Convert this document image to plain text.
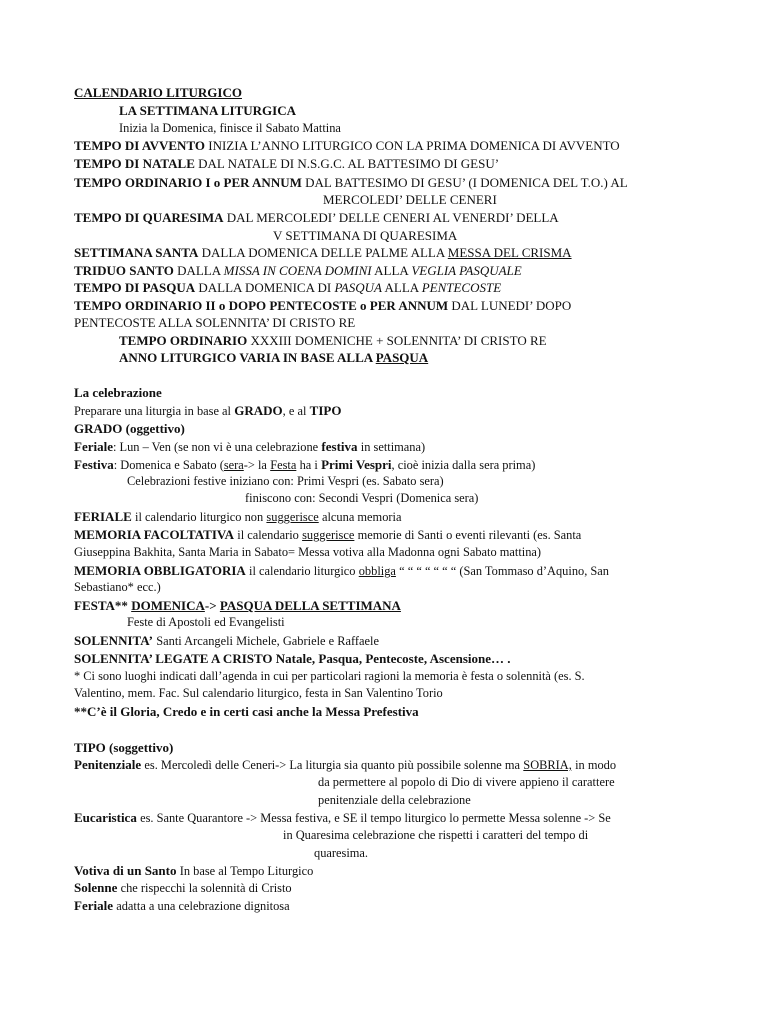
CALENDARIO LITURGICO
LA SETTIMANA LITURGICA
Inizia la Domenica, finisce il Sabato Mattina
TEMPO DI AVVENTO INIZIA L’ANNO LITURGICO CON LA PRIMA DOMENICA DI AVVENTO
TEMPO DI NATALE DAL NATALE DI N.S.G.C. AL BATTESIMO DI GESU’
TEMPO ORDINARIO I o PER ANNUM DAL BATTESIMO DI GESU’ (I DOMENICA DEL T.O.) AL
MERCOLEDI’ DELLE CENERI
TEMPO DI QUARESIMA DAL MERCOLEDI’ DELLE CENERI AL VENERDI’ DELLA
V SETTIMANA DI QUARESIMA
SETTIMANA SANTA DALLA DOMENICA DELLE PALME ALLA MESSA DEL CRISMA
TRIDUO SANTO DALLA MISSA IN COENA DOMINI ALLA VEGLIA PASQUALE
TEMPO DI PASQUA DALLA DOMENICA DI PASQUA ALLA PENTECOSTE
TEMPO ORDINARIO II o DOPO PENTECOSTE o PER ANNUM DAL LUNEDI’ DOPO
PENTECOSTE ALLA SOLENNITA’ DI CRISTO RE
TEMPO ORDINARIO XXXIII DOMENICHE + SOLENNITA’ DI CRISTO RE
ANNO LITURGICO VARIA IN BASE ALLA PASQUA
La celebrazione
Preparare una liturgia in base al GRADO, e al TIPO
GRADO (oggettivo)
Feriale: Lun – Ven (se non vi è una celebrazione festiva in settimana)
Festiva: Domenica e Sabato (sera-> la Festa ha i Primi Vespri, cioè inizia dalla sera prima)
Celebrazioni festive iniziano con: Primi Vespri (es. Sabato sera)
finiscono con: Secondi Vespri (Domenica sera)
FERIALE il calendario liturgico non suggerisce alcuna memoria
MEMORIA FACOLTATIVA il calendario suggerisce memorie di Santi o eventi rilevanti (es. Santa
Giuseppina Bakhita, Santa Maria in Sabato= Messa votiva alla Madonna ogni Sabato mattina)
MEMORIA OBBLIGATORIA il calendario liturgico obbliga “ “ “ “ “ “ “ (San Tommaso d’Aquino, San
Sebastiano* ecc.)
FESTA** DOMENICA-> PASQUA DELLA SETTIMANA
Feste di Apostoli ed Evangelisti
SOLENNITA’ Santi Arcangeli Michele, Gabriele e Raffaele
SOLENNITA’ LEGATE A CRISTO Natale, Pasqua, Pentecoste, Ascensione… .
* Ci sono luoghi indicati dall’agenda in cui per particolari ragioni la memoria è festa o solennità (es. S.
Valentino, mem. Fac. Sul calendario liturgico, festa in San Valentino Torio
**C’è il Gloria, Credo e in certi casi anche la Messa Prefestiva
TIPO (soggettivo)
Penitenziale es. Mercoledì delle Ceneri-> La liturgia sia quanto più possibile solenne ma SOBRIA, in modo
da permettere al popolo di Dio di vivere appieno il carattere
penitenziale della celebrazione
Eucaristica es. Sante Quarantore -> Messa festiva, e SE il tempo liturgico lo permette Messa solenne -> Se
in Quaresima celebrazione che rispetti i caratteri del tempo di
quaresima.
Votiva di un Santo In base al Tempo Liturgico
Solenne che rispecchi la solennità di Cristo
Feriale adatta a una celebrazione dignitosa
